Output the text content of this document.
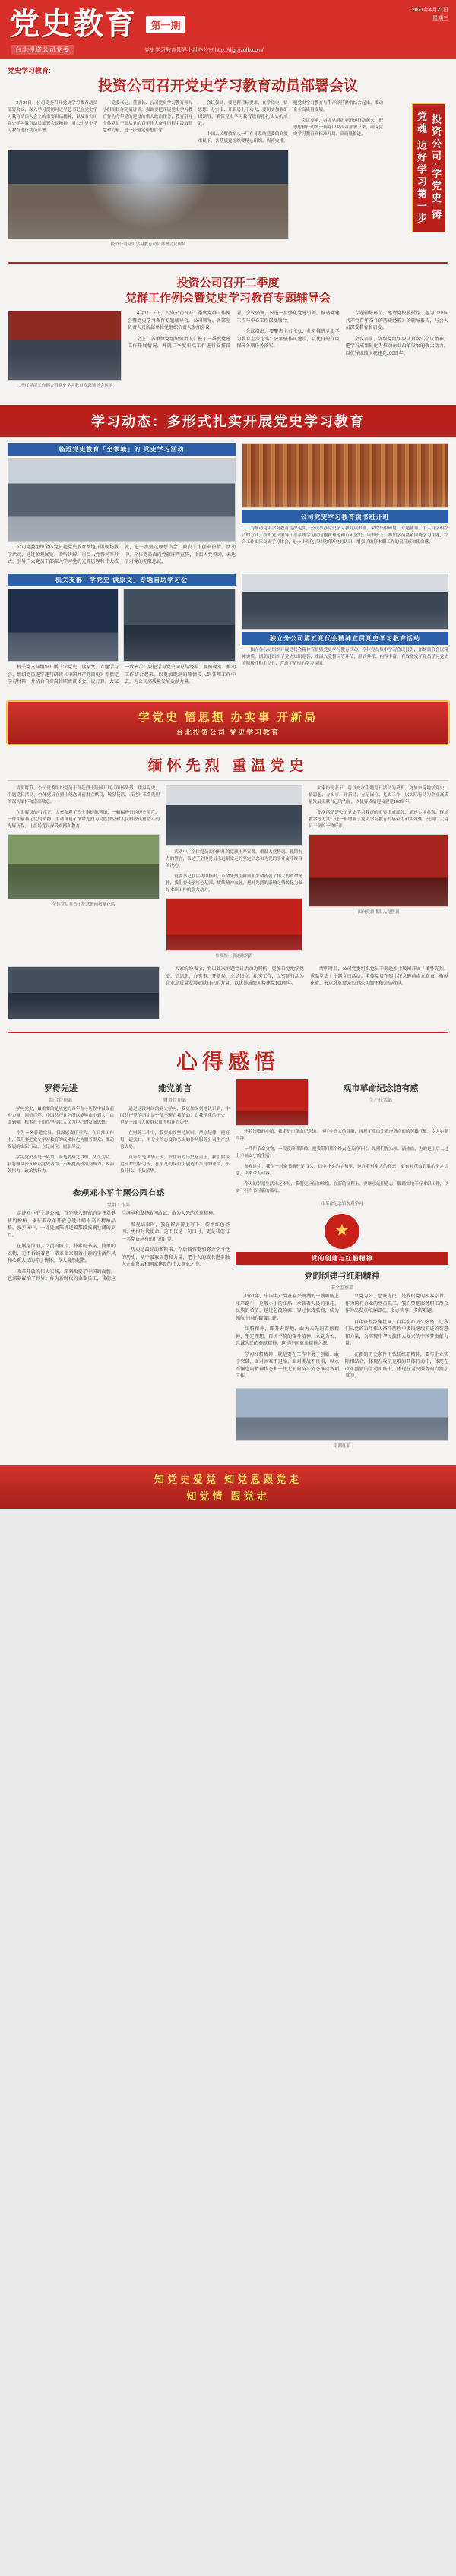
党史教育 第一期
2021年4月21日
星期三
台北投资公司党委	党史学习教育领导小组办公室 http://djgj.jjzqfb.com/
党史学习教育:
投资公司召开党史学习教育动员部署会议

3月26日，公司党委召开党史学习教育动员部署会议，深入学习贯彻习近平总书记在党史学习教育动员大会上的重要讲话精神，以及省公司党史学习教育动员部署会议精神，对公司党史学习教育进行动员部署。

党委书记、董事长、公司党史学习教育领导小组组长作动员讲话，强调要把开展党史学习教育作为今年党的建设的重大政治任务，教育引导全体党员干部从党的百年伟大奋斗历程中汲取智慧和力量，进一步坚定理想信念。

会议强调，要把握目标要求，在学党史、悟思想、办实事、开新局上下功夫；要切实加强组织领导，确保党史学习教育取得扎扎实实的成效。

中国人民解放军八一厂在各系统党委的高度重视下，各基层党组织要精心组织，周密安排，把党史学习教育与生产经营紧密结合起来，推动企业高质量发展。

会议要求，各级党组织要迅速行动起来，把思想和行动统一到党中央决策部署上来，确保党史学习教育高标准开局、高质量推进。	投资公司·学党史 铸党魂 迈好学习第一步
投资公司党史学习教育动员部署会议现场
投资公司召开二季度
党群工作例会暨党史学习教育专题辅导会
二季度党群工作例会暨党史学习教育专题辅导会现场

4月1日下午，投资公司召开二季度党群工作例会暨党史学习教育专题辅导会，公司领导、各部室负责人及所属单位党组织负责人参加会议。

会上，各单位党组织负责人汇报了一季度党建工作开展情况，并就二季度重点工作进行安排部署。会议强调，要进一步强化党建引领，推动党建工作与中心工作深度融合。

会议指出，要聚焦主责主业，扎实推进党史学习教育走深走实；要加强作风建设，以优良的作风保障各项任务落实。

专题辅导环节，邀请党校教授作了题为《中国共产党百年奋斗的历史经验》的辅导报告，与会人员深受教育和启发。

会议要求，各级党组织要认真落实会议精神，把学习成果转化为推动企业改革发展的强大动力，以优异成绩庆祝建党100周年。

学习动态：多形式扎实开展党史学习教育
临近党史教育「全领域」的 党史学习活动

公司党委组织全体党员赴党史教育基地开展现场教学活动，通过参观展览、聆听讲解、重温入党誓词等形式，引导广大党员干部深入学习党的光辉历程和伟大成就，进一步坚定理想信念，激发干事创业热情。活动中，全体党员面向党旗庄严宣誓，重温入党誓词，表达了对党的无限忠诚。

公司党史学习教育读书班开班

为推动党史学习教育走深走实，公司举办党史学习教育读书班，采取集中研讨、专题辅导、个人自学相结合的方式，组织党员领导干部系统学习党的创新理论和百年党史。读书班上，参加学员紧紧围绕学习主题，结合工作实际交流学习体会，进一步深化了对党的历史的认识，增强了做好本职工作的责任感和使命感。

机关支部「学党史 读原文」专题自助学习会

机关党支部组织开展「学党史、读原文」专题学习会，组织党员逐字逐句研读《中国共产党简史》等指定学习材料，并结合自身岗位职责谈体会、说打算。大家一致表示，要把学习党史同总结经验、观照现实、推动工作结合起来，以更加饱满的热情投入到各项工作中去，为公司高质量发展贡献力量。

独立分公司第五党代会精神宣贯党史学习教育活动

独立分公司组织开展党代会精神宣贯暨党史学习教育活动，全体党员集中学习会议报告，深刻领会会议精神实质。活动还组织了党史知识竞答、重温入党誓词等环节，形式多样、内容丰富，有效激发了党员学习党史的积极性和主动性，营造了浓厚的学习氛围。

学党史 悟思想 办实事 开新局
台北投资公司 党史学习教育
缅怀先烈 重温党史

清明时节，公司党委组织党员干部赴烈士陵园开展「缅怀先烈、重温党史」主题党日活动。全体党员在烈士纪念碑前肃立默哀，敬献花篮，表达对革命先烈的深切缅怀和崇高敬意。

在讲解员的引导下，大家参观了烈士事迹陈列馆，一幅幅珍贵的历史照片、一件件承载记忆的实物，生动再现了革命先烈为民族独立和人民解放英勇奋斗的光辉历程，让在场党员深受震撼和教育。

全体党员在烈士纪念碑前敬献花篮

活动中，全体党员面向鲜红的党旗庄严宣誓，重温入党誓词。铿锵有力的誓言，表达了全体党员永远跟党走的坚定信念和为党的事业奋斗终身的决心。

党委书记在活动中指出，革命先烈用鲜血和生命铸就了伟大的革命精神，我们要传承红色基因，赓续精神血脉，把对先烈的崇敬之情转化为做好本职工作的强大动力。

参观烈士事迹陈列馆

大家纷纷表示，将以此次主题党日活动为契机，更加自觉地学党史、悟思想、办实事、开新局，立足岗位、扎实工作，以实际行动为企业高质量发展贡献自己的力量，以优异成绩迎接建党100周年。

此次活动是公司党史学习教育的重要组成部分，通过实地参观、现场教学等方式，进一步增强了党史学习教育的感染力和实效性，受到广大党员干部的一致好评。

面向党旗重温入党誓词

大家纷纷表示，将以此次主题党日活动为契机，更加自觉地学党史、悟思想、办实事、开新局，立足岗位、扎实工作，以实际行动为企业高质量发展贡献自己的力量，以优异成绩迎接建党100周年。

清明时节，公司党委组织党员干部赴烈士陵园开展「缅怀先烈、重温党史」主题党日活动。全体党员在烈士纪念碑前肃立默哀，敬献花篮，表达对革命先烈的深切缅怀和崇高敬意。

心得感悟
罗得先进
综合管理部

学习党史，最重要的是从党的百年奋斗历程中汲取前进力量。回望百年，中国共产党之所以能够由小到大、由弱到强，根本在于始终坚持以人民为中心的发展思想。

作为一名普通党员，我深感责任重大。在日常工作中，我们要把党史学习教育的成果转化为服务群众、推动发展的实际行动，立足岗位、履职尽责。

学习党史不是一阵风，而是要持之以恒、久久为功。我将继续深入研读党史著作，不断提高政治判断力、政治领悟力、政治执行力。

维党前言
财务管理部

通过这段时间的党史学习，我更加深刻地认识到，中国共产党的历史是一部不断自我革命、自我净化的历史，也是一部与人民群众血肉相连的历史。

在财务工作中，我要始终坚持原则、严守纪律，把好每一道关口，用专业的态度和务实的作风服务公司生产经营大局。

百年恰是风华正茂。站在新的历史起点上，我们要接过前辈的接力棒，在平凡的岗位上创造不平凡的业绩，不负时代、不负韶华。

参观邓小平主题公园有感
党群工作部

走进邓小平主题公园，首先映入眼帘的是苍翠挺拔的松柏，象征着改革开放总设计师崇高的精神品格。漫步园中，一处处展陈讲述着那段波澜壮阔的岁月。

在展览馆里，泛黄的照片、朴素的书桌、简单的衣物，无不诉说着老一辈革命家艰苦朴素的生活作风和心系人民的赤子情怀，令人肃然起敬。

改革开放的伟大实践，深刻改变了中国的面貌，也深刻影响了世界。作为新时代的企业员工，我们应当继承和发扬敢闯敢试、敢为人先的改革精神。

参观结束时，我在留言簿上写下：传承红色基因，勇担时代使命。这不仅是一句口号，更是我们每一名党员应有的行动自觉。

历史是最好的教科书。今后我将更加努力学习党的历史，从中汲取智慧和力量，把个人的成长进步融入企业发展和国家建设的伟大事业之中。

观市革命纪念馆有感
生产技术部

怀着崇敬的心情，我走进市革命纪念馆。序厅中高大的群雕，再现了革命先辈奋勇向前的英雄气概，令人心潮澎湃。

一件件革命文物、一段段珍贵影像，把我带回那个烽火连天的年代。先烈们抛头颅、洒热血，为的是让后人过上幸福安宁的生活。

参观途中，我在一封家书前驻足良久。信中朴实的字句里，饱含着对家人的眷恋，更有对革命必胜的坚定信念，读来令人动容。

今天的幸福生活来之不易，我们更应倍加珍惜。在新的征程上，要继承先烈遗志，脚踏实地干好本职工作，以实干担当书写新的篇章。

市革命纪念馆参观学习
★
党的创建与红船精神
党的创建与红船精神
安全监察部

1921年，中国共产党在嘉兴南湖的一艘画舫上庄严诞生，这艘小小的红船，承载着人民的重托、民族的希望，越过急流险滩，穿过惊涛骇浪，成为领航中国的巍巍巨轮。

红船精神，即开天辟地、敢为人先的首创精神，坚定理想、百折不挠的奋斗精神，立党为公、忠诚为民的奉献精神。这是中国革命精神之源。

学习红船精神，就是要在工作中勇于创新、敢于突破，面对困难不退缩，面对挑战不畏惧，以永不懈怠的精神状态和一往无前的奋斗姿态推动各项工作。

立党为公、忠诚为民，是我们党的根本宗旨。作为国有企业的党员职工，我们要把服务职工群众作为出发点和落脚点，多办实事、多解难题。

百年征程波澜壮阔，百年初心历久弥坚。让我们从党的百年伟大奋斗历程中汲取继续前进的智慧和力量，为实现中华民族伟大复兴的中国梦贡献力量。

在新的历史条件下弘扬红船精神，要与企业实际相结合，体现在攻坚克难的具体行动中，体现在改革创新的生动实践中，体现在为民服务的点滴小事中。

南湖红船
知党史爱党 知党恩跟党走
知党情 跟党走
